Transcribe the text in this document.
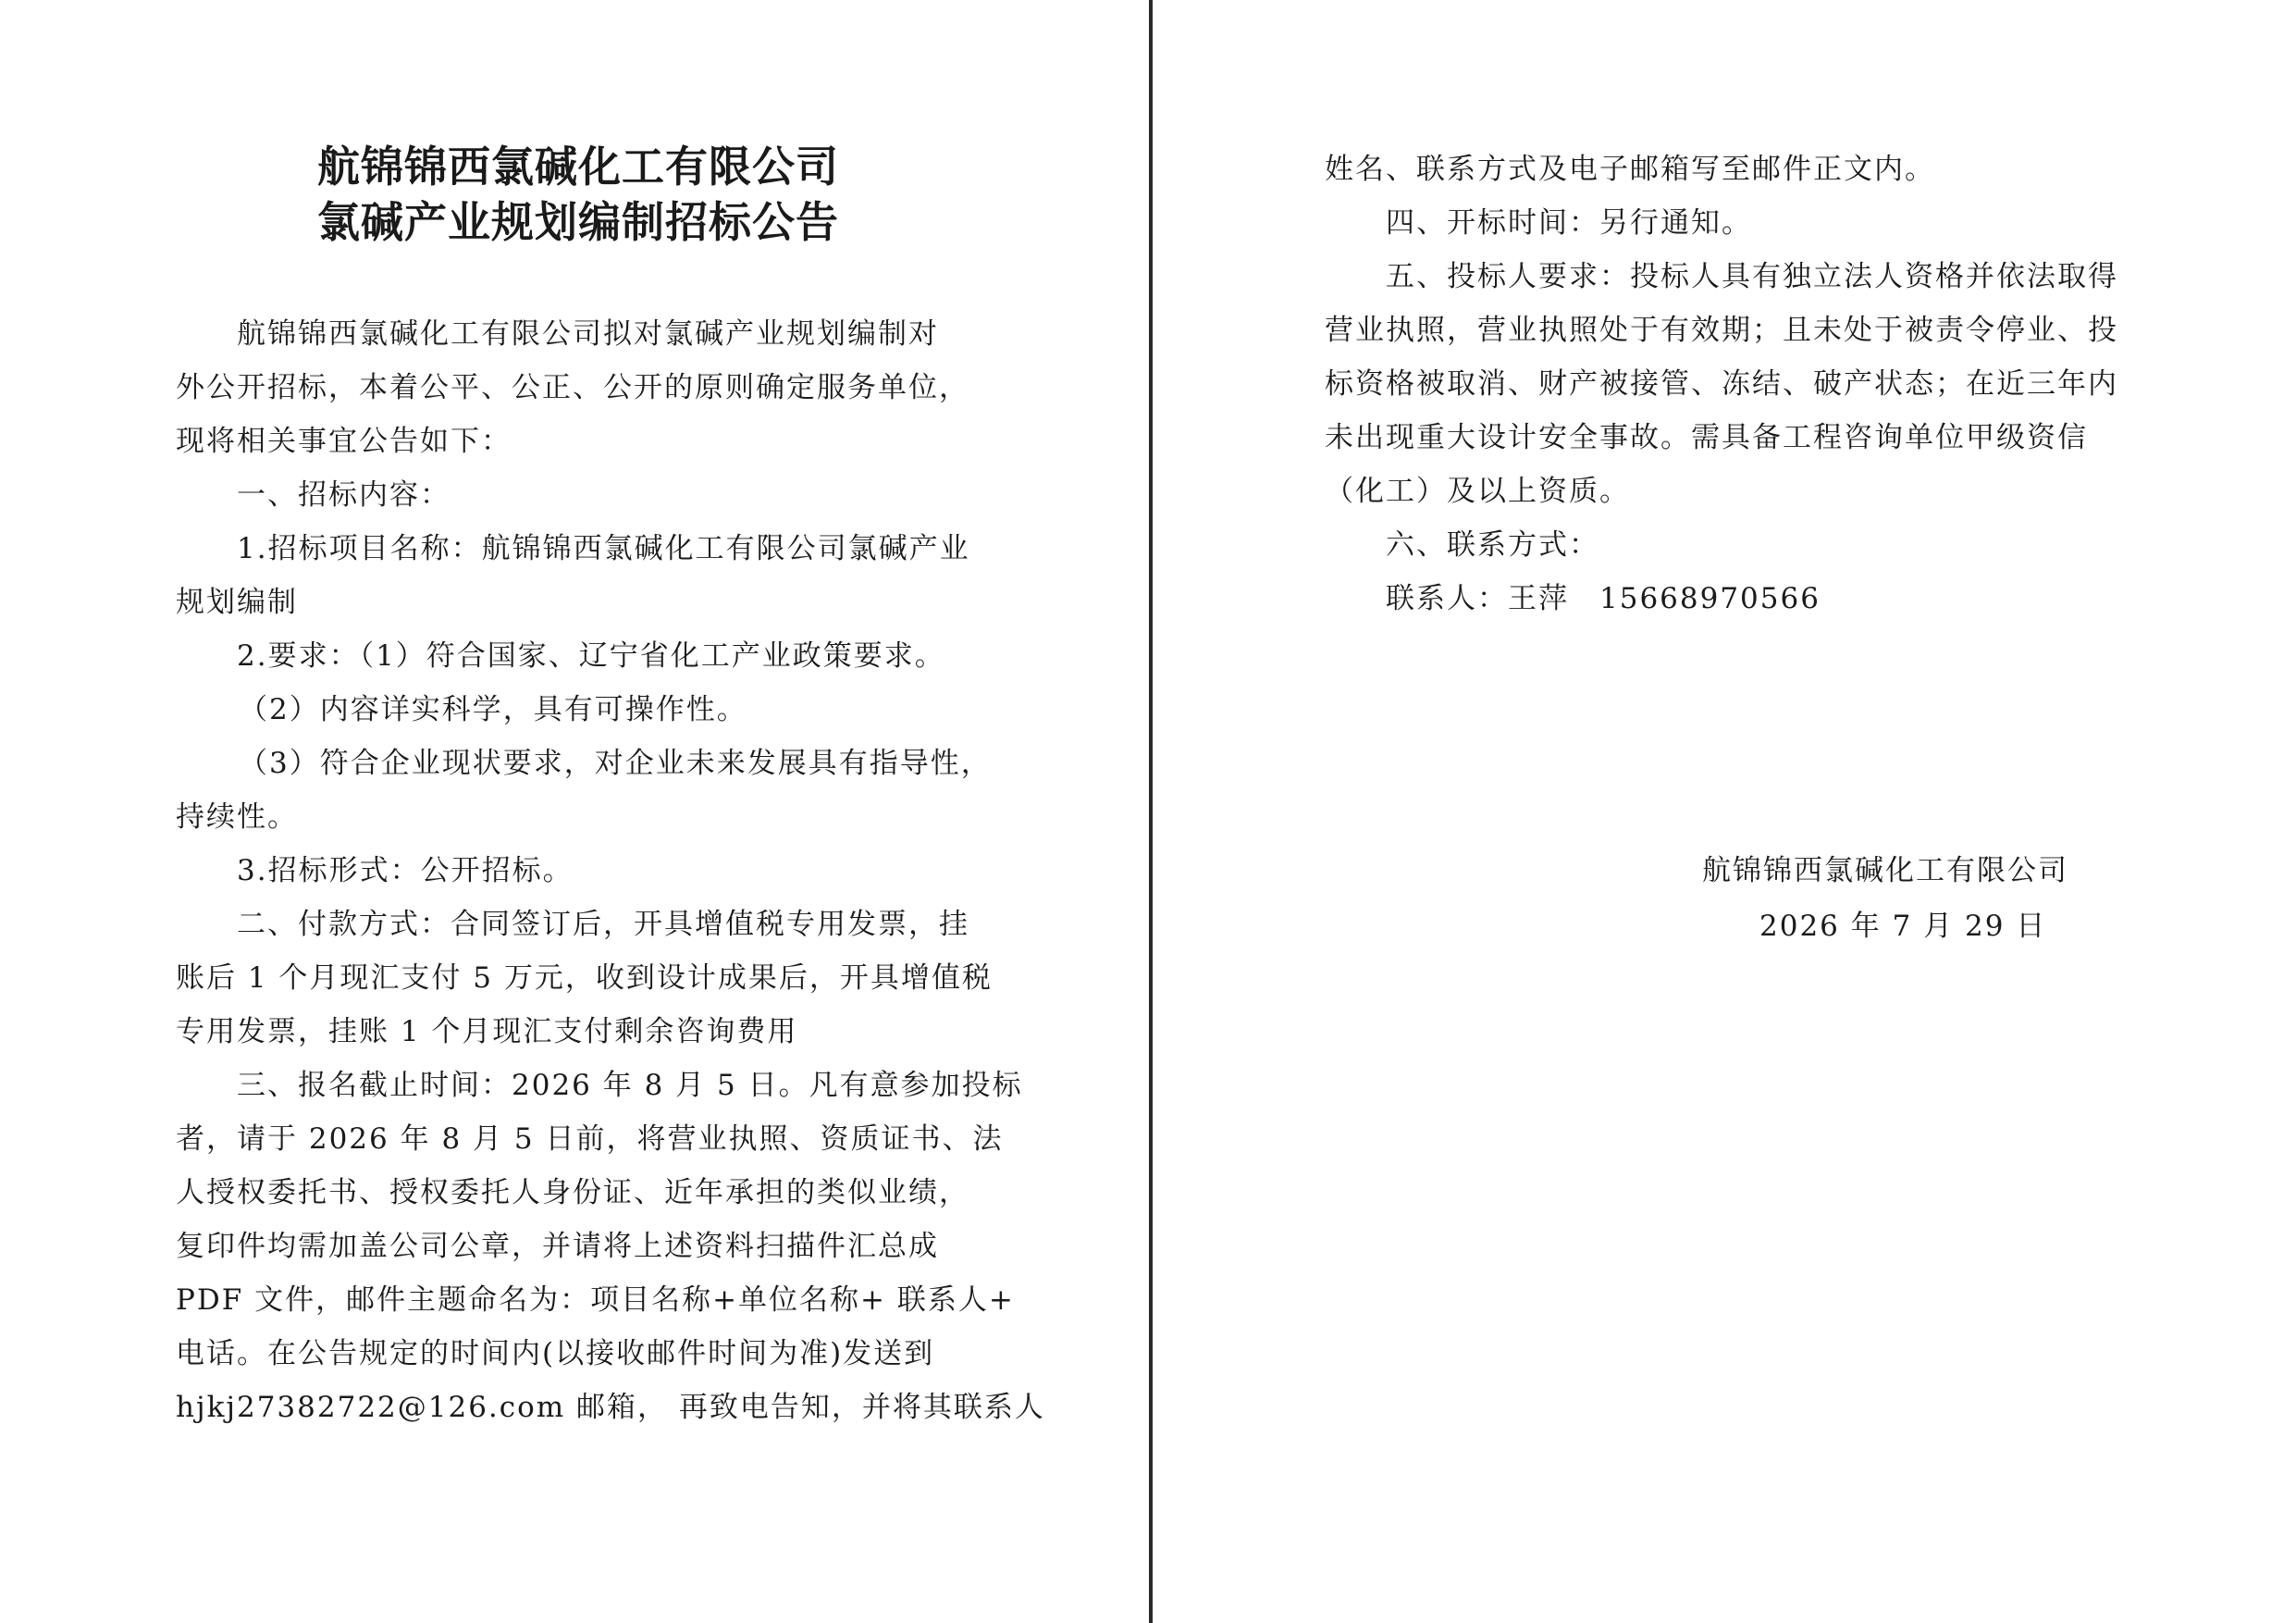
航锦锦西氯碱化工有限公司
氯碱产业规划编制招标公告
航锦锦西氯碱化工有限公司拟对氯碱产业规划编制对
外公开招标，本着公平、公正、公开的原则确定服务单位，
现将相关事宜公告如下：
一、招标内容：
1.招标项目名称：航锦锦西氯碱化工有限公司氯碱产业
规划编制
2.要求：（1）符合国家、辽宁省化工产业政策要求。
（2）内容详实科学，具有可操作性。
（3）符合企业现状要求，对企业未来发展具有指导性，
持续性。
3.招标形式：公开招标。
二、付款方式：合同签订后，开具增值税专用发票，挂
账后 1 个月现汇支付 5 万元，收到设计成果后，开具增值税
专用发票，挂账 1 个月现汇支付剩余咨询费用
三、报名截止时间：2026 年 8 月 5 日。凡有意参加投标
者，请于 2026 年 8 月 5 日前，将营业执照、资质证书、法
人授权委托书、授权委托人身份证、近年承担的类似业绩，
复印件均需加盖公司公章，并请将上述资料扫描件汇总成
PDF 文件，邮件主题命名为：项目名称+单位名称+ 联系人+
电话。在公告规定的时间内(以接收邮件时间为准)发送到
hjkj27382722@126.com 邮箱， 再致电告知，并将其联系人
姓名、联系方式及电子邮箱写至邮件正文内。
四、开标时间：另行通知。
五、投标人要求：投标人具有独立法人资格并依法取得
营业执照，营业执照处于有效期；且未处于被责令停业、投
标资格被取消、财产被接管、冻结、破产状态；在近三年内
未出现重大设计安全事故。需具备工程咨询单位甲级资信
（化工）及以上资质。
六、联系方式：
联系人：王萍　15668970566
航锦锦西氯碱化工有限公司
2026 年 7 月 29 日
